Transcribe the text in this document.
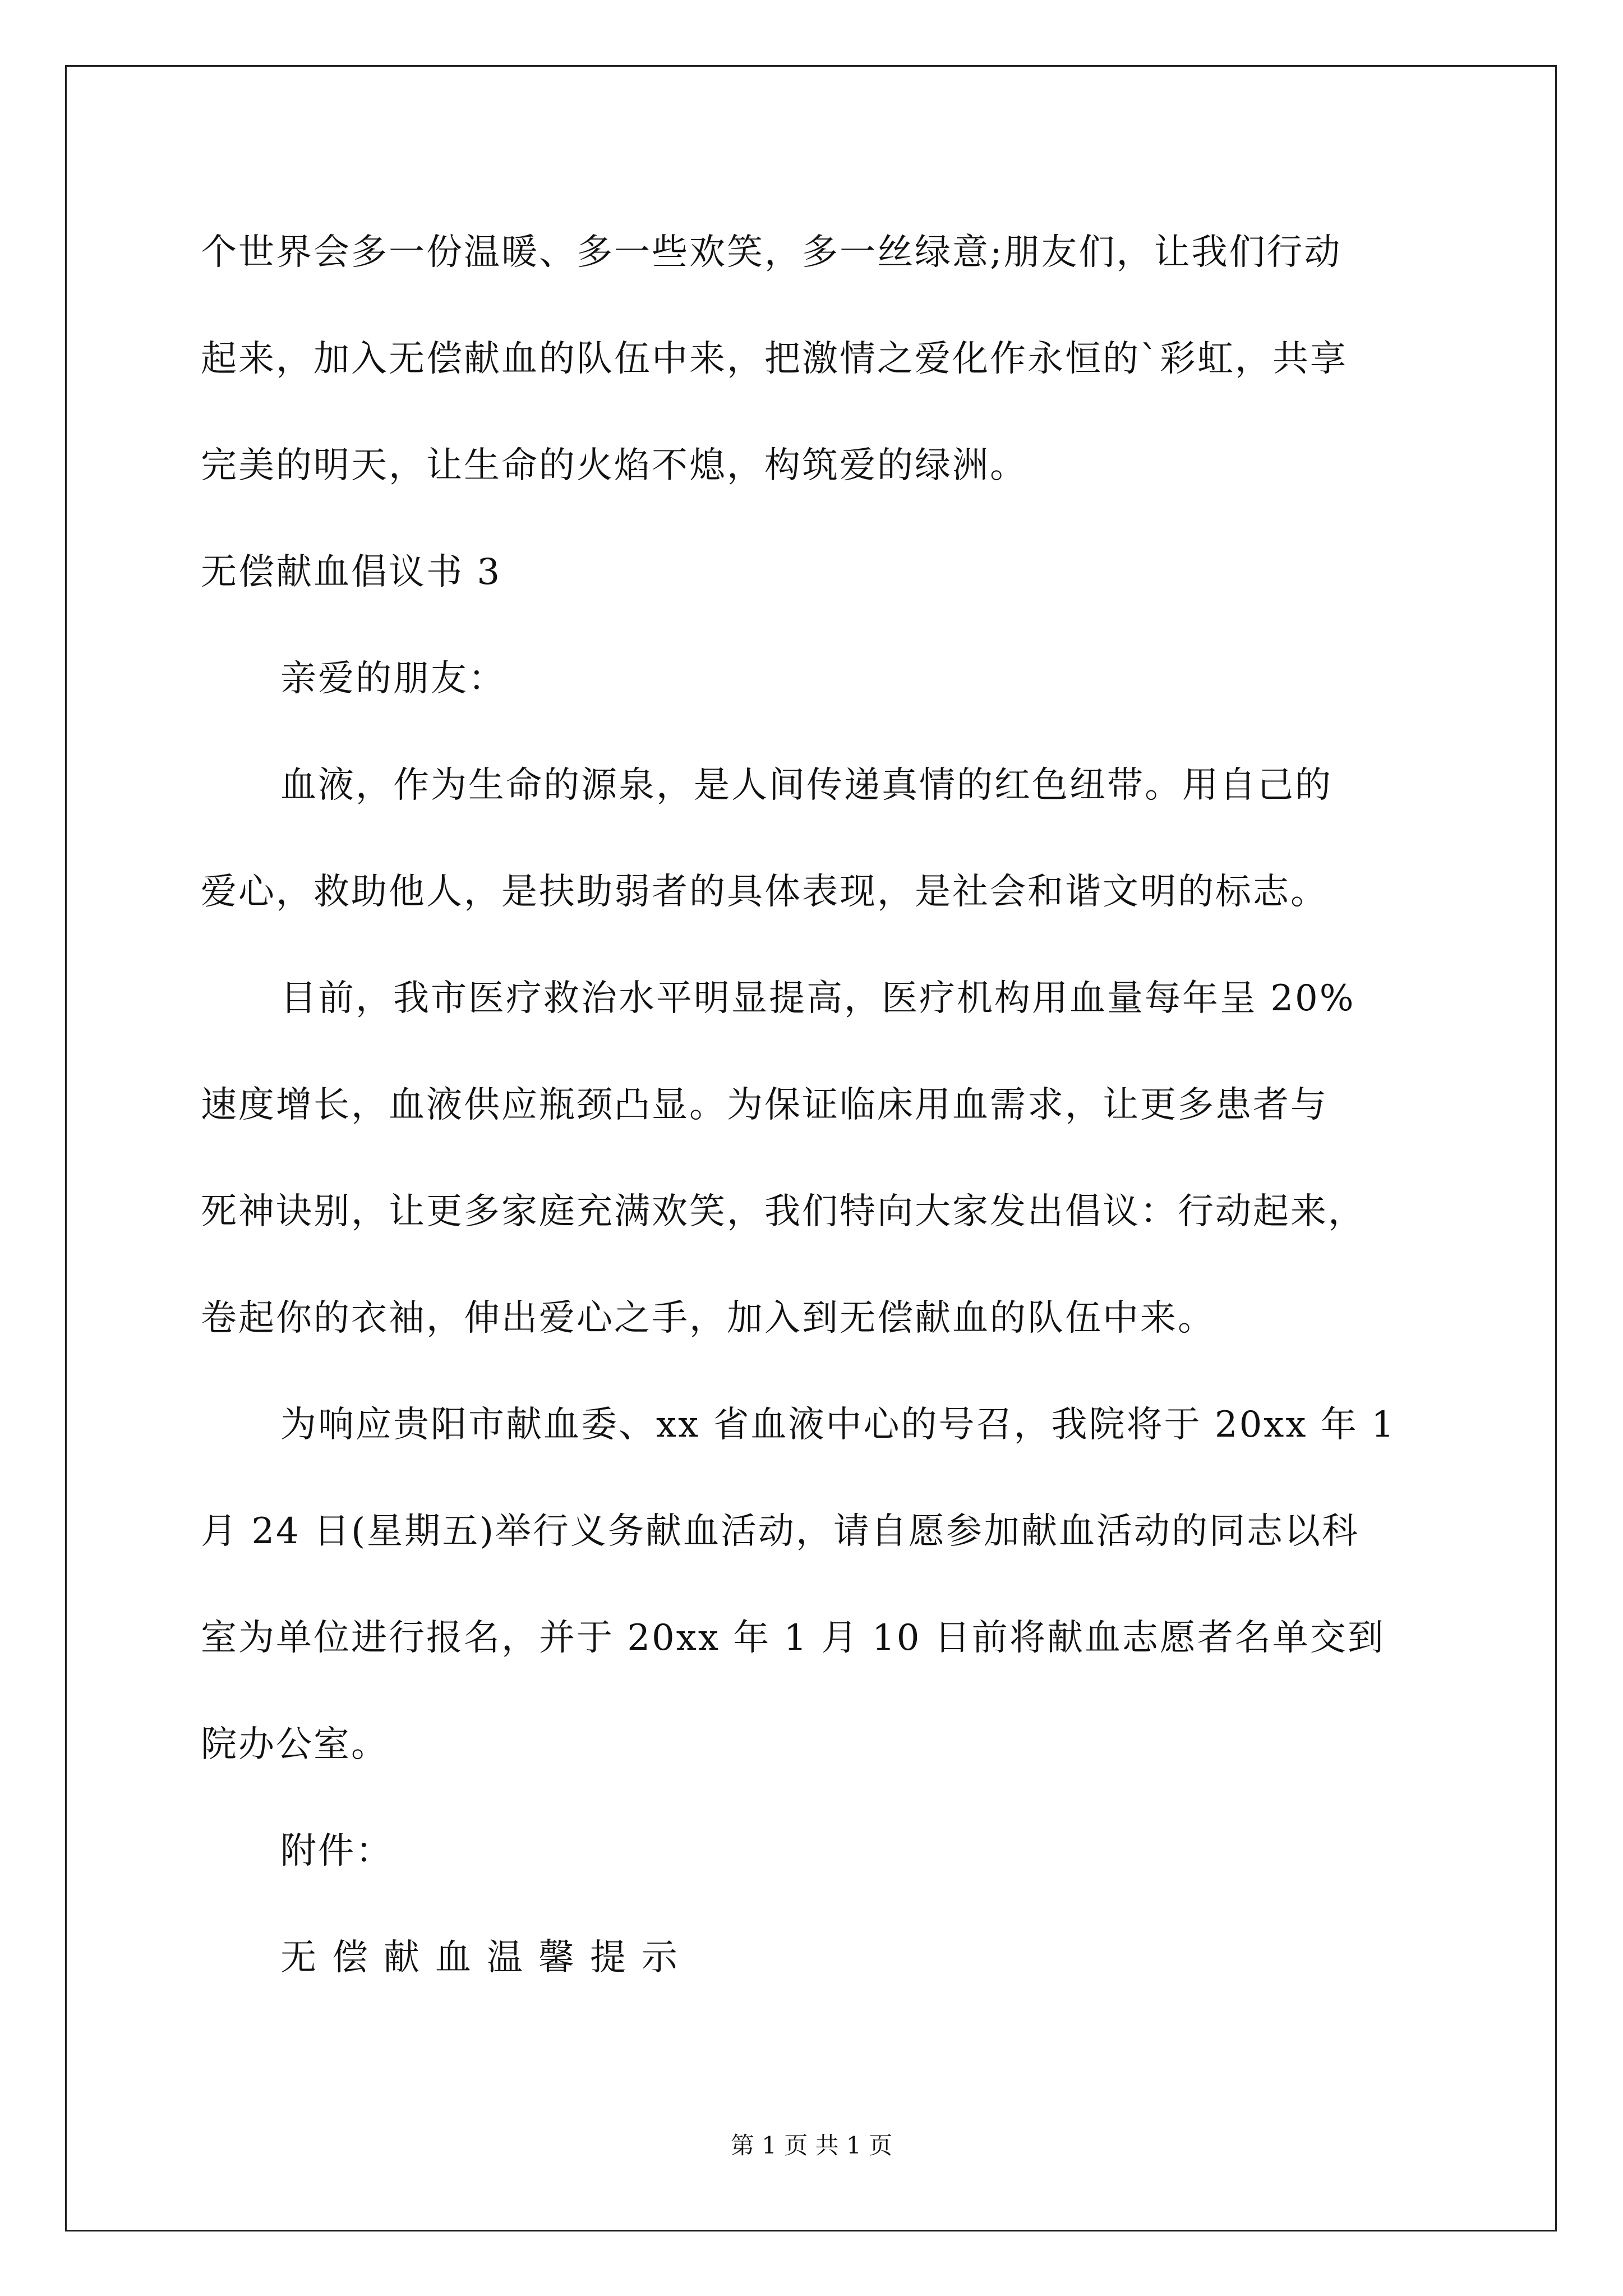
个世界会多一份温暖、多一些欢笑，多一丝绿意;朋友们，让我们行动
起来，加入无偿献血的队伍中来，把激情之爱化作永恒的`彩虹，共享
完美的明天，让生命的火焰不熄，构筑爱的绿洲。
无偿献血倡议书 3
亲爱的朋友：
血液，作为生命的源泉，是人间传递真情的红色纽带。用自己的
爱心，救助他人，是扶助弱者的具体表现，是社会和谐文明的标志。
目前，我市医疗救治水平明显提高，医疗机构用血量每年呈 20%
速度增长，血液供应瓶颈凸显。为保证临床用血需求，让更多患者与
死神诀别，让更多家庭充满欢笑，我们特向大家发出倡议：行动起来，
卷起你的衣袖，伸出爱心之手，加入到无偿献血的队伍中来。
为响应贵阳市献血委、xx 省血液中心的号召，我院将于 20xx 年 1
月 24 日(星期五)举行义务献血活动，请自愿参加献血活动的同志以科
室为单位进行报名，并于 20xx 年 1 月 10 日前将献血志愿者名单交到
院办公室。
附件：
无偿献血温馨提示
第 1 页 共 1 页
